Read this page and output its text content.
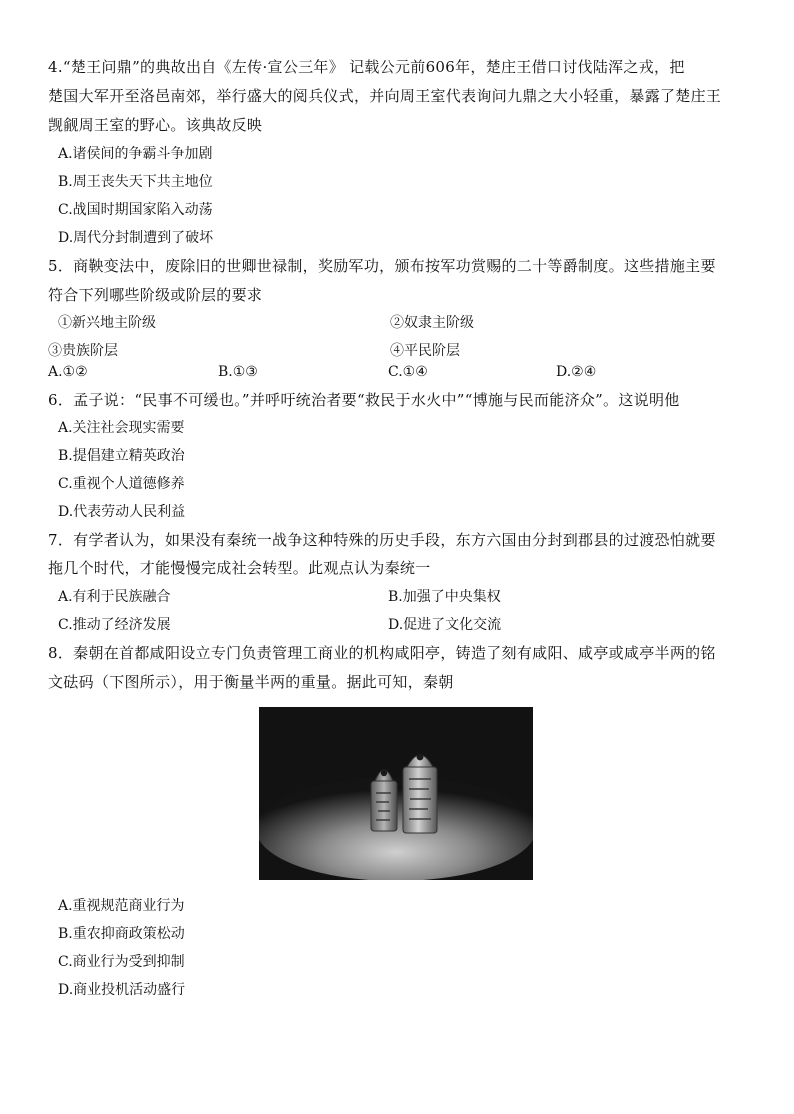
4.“楚王问鼎”的典故出自《左传·宣公三年》 记载公元前606年，楚庄王借口讨伐陆浑之戎，把
楚国大军开至洛邑南郊，举行盛大的阅兵仪式，并向周王室代表询问九鼎之大小轻重，暴露了楚庄王
觊觎周王室的野心。该典故反映
A.诸侯间的争霸斗争加剧
B.周王丧失天下共主地位
C.战国时期国家陷入动荡
D.周代分封制遭到了破坏
5．商鞅变法中，废除旧的世卿世禄制，奖励军功，颁布按军功赏赐的二十等爵制度。这些措施主要
符合下列哪些阶级或阶层的要求
①新兴地主阶级	②奴隶主阶级
③贵族阶层	④平民阶层
A.①②	B.①③	C.①④	D.②④
6．孟子说：“民事不可缓也。”并呼吁统治者要“救民于水火中”“博施与民而能济众”。这说明他
A.关注社会现实需要
B.提倡建立精英政治
C.重视个人道德修养
D.代表劳动人民利益
7．有学者认为，如果没有秦统一战争这种特殊的历史手段，东方六国由分封到郡县的过渡恐怕就要
拖几个时代，才能慢慢完成社会转型。此观点认为秦统一
A.有利于民族融合	B.加强了中央集权
C.推动了经济发展	D.促进了文化交流
8．秦朝在首都咸阳设立专门负责管理工商业的机构咸阳亭，铸造了刻有咸阳、咸亭或咸亭半两的铭
文砝码（下图所示），用于衡量半两的重量。据此可知，秦朝
A.重视规范商业行为
B.重农抑商政策松动
C.商业行为受到抑制
D.商业投机活动盛行
